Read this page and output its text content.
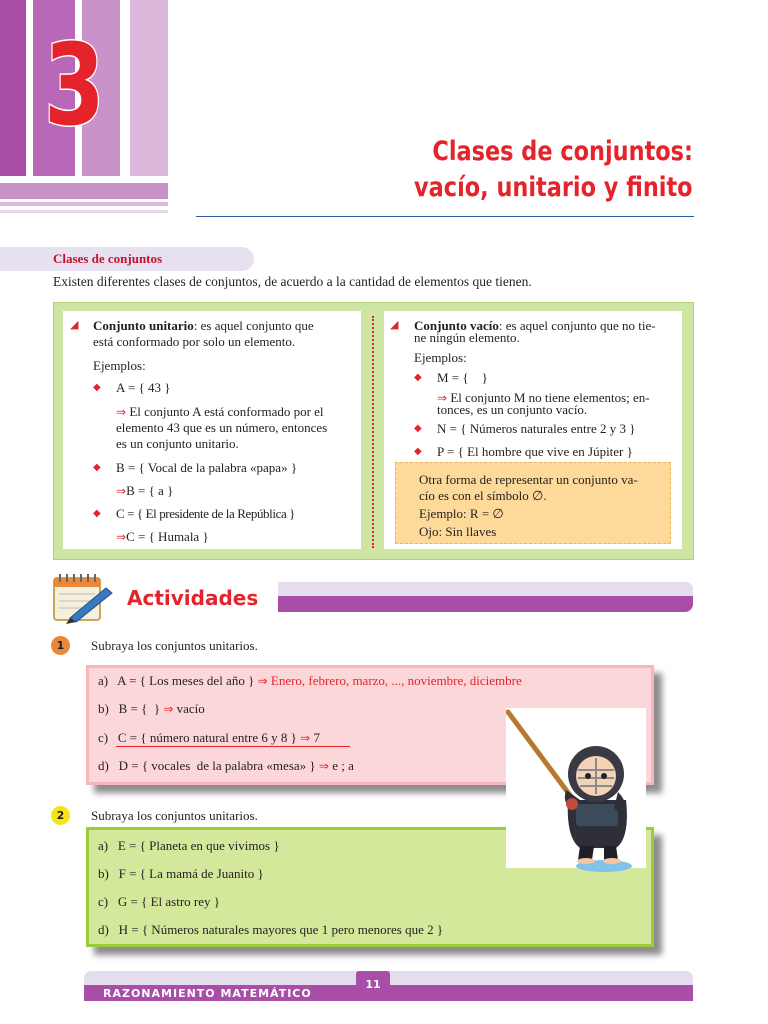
3
Clases de conjuntos:
vacío, unitario y finito
Clases de conjuntos
Existen diferentes clases de conjuntos, de acuerdo a la cantidad de elementos que tienen.
◢ Conjunto unitario: es aquel conjunto que
está conformado por solo un elemento.
Ejemplos:
◆ A = { 43 }
⇒ El conjunto A está conformado por el
elemento 43 que es un número, entonces
es un conjunto unitario.
◆ B = { Vocal de la palabra «papa» }
⇒B = { a }
◆ C = { El presidente de la República }
⇒C = { Humala }
◢ Conjunto vacío: es aquel conjunto que no tie-
ne ningún elemento.
Ejemplos:
◆ M = {    }
⇒ El conjunto M no tiene elementos; en-
tonces, es un conjunto vacío.
◆ N = { Números naturales entre 2 y 3 }
◆ P = { El hombre que vive en Júpiter }
Otra forma de representar un conjunto va-
cío es con el símbolo ∅.
Ejemplo: R = ∅
Ojo: Sin llaves
Actividades
1	Subraya los conjuntos unitarios.
a) A = { Los meses del año } ⇒ Enero, febrero, marzo, ..., noviembre, diciembre
b) B = {  } ⇒ vacío
c) C = { número natural entre 6 y 8 } ⇒ 7
d) D = { vocales  de la palabra «mesa» } ⇒ e ; a
2	Subraya los conjuntos unitarios.
a) E = { Planeta en que vivimos }
b) F = { La mamá de Juanito }
c) G = { El astro rey }
d) H = { Números naturales mayores que 1 pero menores que 2 }
RAZONAMIENTO MATEMÁTICO
11
